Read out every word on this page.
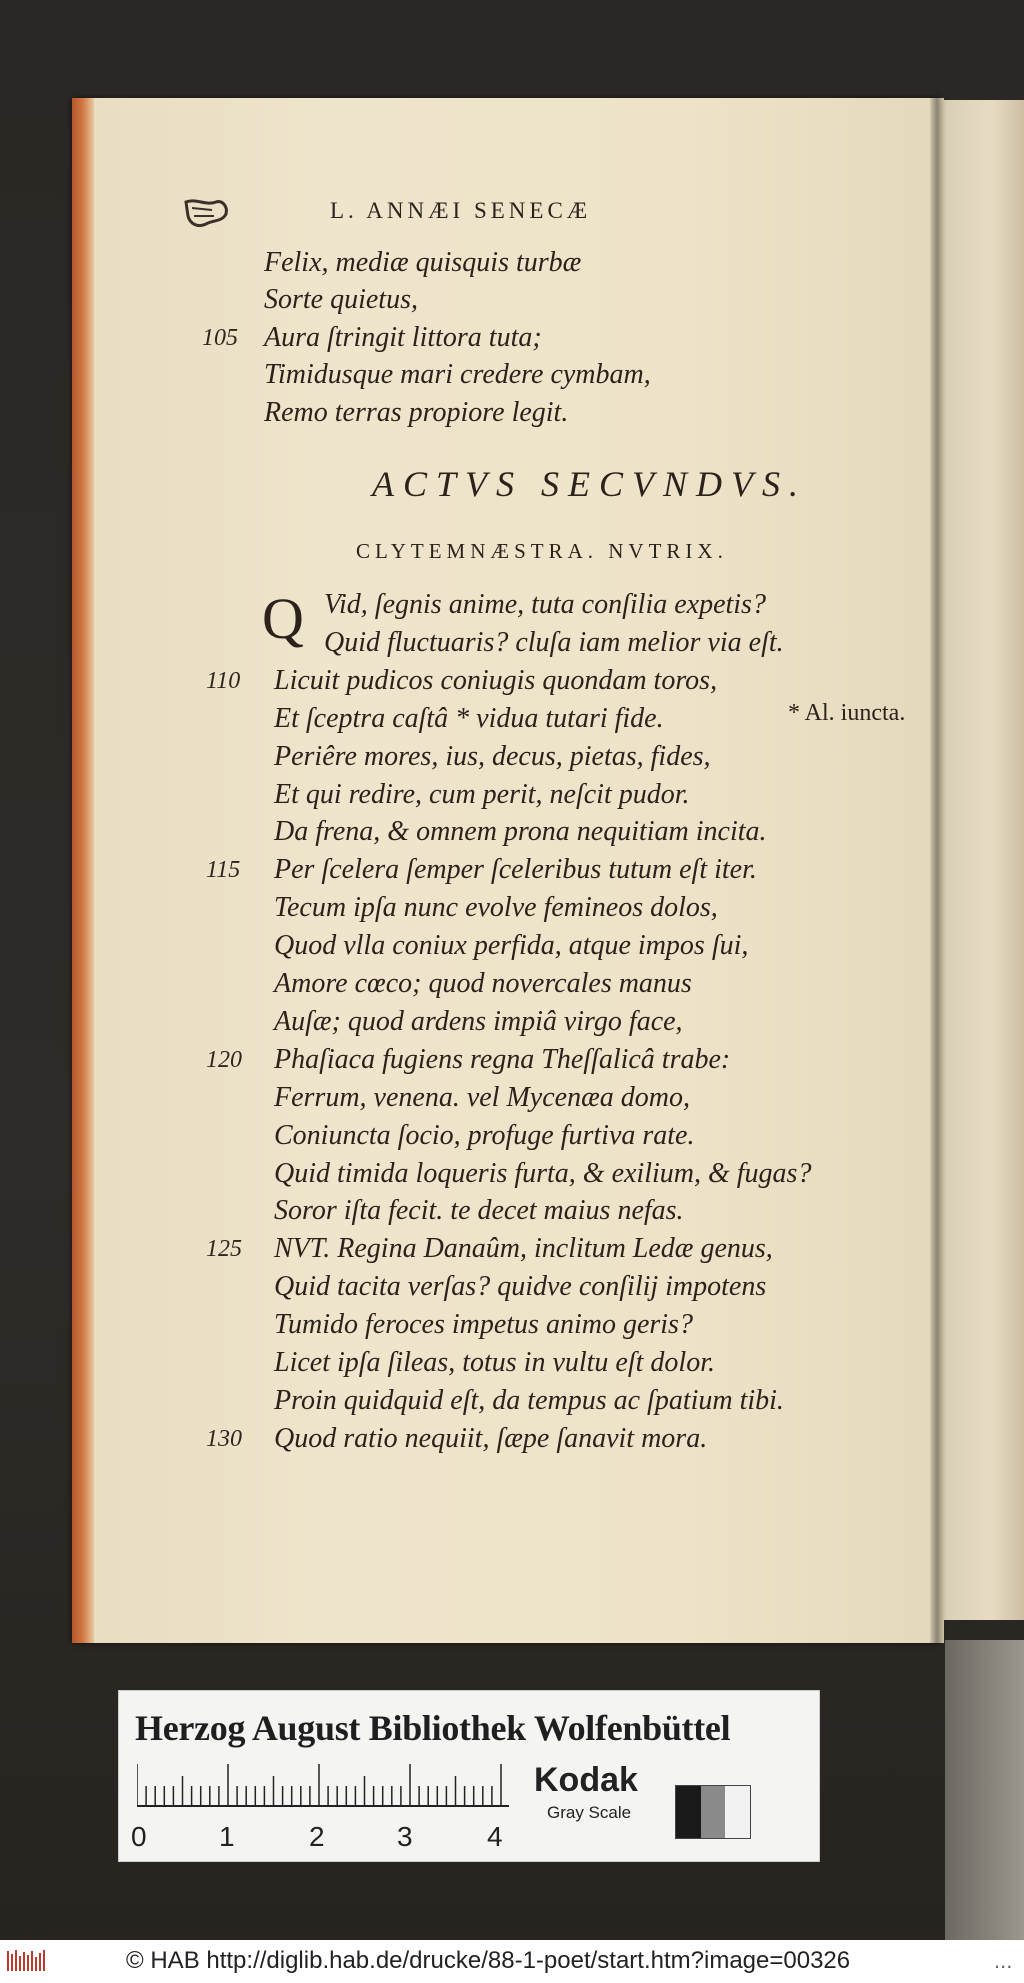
L. ANNÆI SENECÆ
Felix, mediæ quisquis turbæ
Sorte quietus,
105 Aura ſtringit littora tuta;
Timidusque mari credere cymbam,
Remo terras propiore legit.
ACTVS SECVNDVS.
CLYTEMNÆSTRA. NVTRIX.
Q Vid, ſegnis anime, tuta conſilia expetis?
Quid fluctuaris? cluſa iam melior via eſt.
110 Licuit pudicos coniugis quondam toros,
Et ſceptra caſtâ * vidua tutari fide.
Periêre mores, ius, decus, pietas, fides,
Et qui redire, cum perit, neſcit pudor.
Da frena, & omnem prona nequitiam incita.
115 Per ſcelera ſemper ſceleribus tutum eſt iter.
Tecum ipſa nunc evolve femineos dolos,
Quod vlla coniux perfida, atque impos ſui,
Amore cœco; quod novercales manus
Auſæ; quod ardens impiâ virgo face,
120 Phaſiaca fugiens regna Theſſalicâ trabe:
Ferrum, venena. vel Mycenæa domo,
Coniuncta ſocio, profuge furtiva rate.
Quid timida loqueris furta, & exilium, & fugas?
Soror iſta fecit. te decet maius nefas.
125 NVT. Regina Danaûm, inclitum Ledæ genus,
Quid tacita verſas? quidve conſilij impotens
Tumido feroces impetus animo geris?
Licet ipſa ſileas, totus in vultu eſt dolor.
Proin quidquid eſt, da tempus ac ſpatium tibi.
130 Quod ratio nequiit, ſæpe ſanavit mora.
* Al. iuncta.
Herzog August Bibliothek Wolfenbüttel
0	1	2	3	4
Kodak
Gray Scale
© HAB http://diglib.hab.de/drucke/88-1-poet/start.htm?image=00326	...
